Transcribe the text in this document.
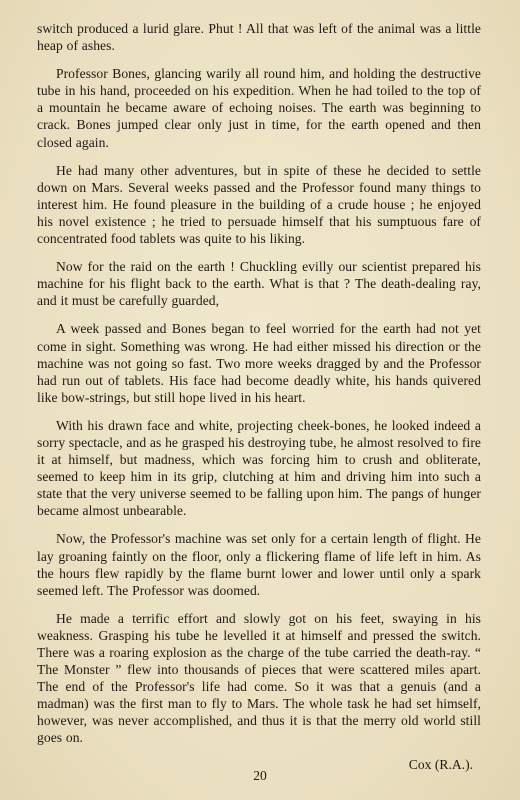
switch produced a lurid glare. Phut ! All that was left of the animal was a little heap of ashes.

Professor Bones, glancing warily all round him, and holding the destructive tube in his hand, proceeded on his expedition. When he had toiled to the top of a mountain he became aware of echoing noises. The earth was beginning to crack. Bones jumped clear only just in time, for the earth opened and then closed again.

He had many other adventures, but in spite of these he decided to settle down on Mars. Several weeks passed and the Professor found many things to interest him. He found pleasure in the building of a crude house ; he enjoyed his novel existence ; he tried to persuade himself that his sumptuous fare of concentrated food tablets was quite to his liking.

Now for the raid on the earth ! Chuckling evilly our scientist prepared his machine for his flight back to the earth. What is that ? The death-dealing ray, and it must be carefully guarded,

A week passed and Bones began to feel worried for the earth had not yet come in sight. Something was wrong. He had either missed his direction or the machine was not going so fast. Two more weeks dragged by and the Professor had run out of tablets. His face had become deadly white, his hands quivered like bow-strings, but still hope lived in his heart.

With his drawn face and white, projecting cheek-bones, he looked indeed a sorry spectacle, and as he grasped his destroying tube, he almost resolved to fire it at himself, but madness, which was forcing him to crush and obliterate, seemed to keep him in its grip, clutching at him and driving him into such a state that the very universe seemed to be falling upon him. The pangs of hunger became almost unbearable.

Now, the Professor's machine was set only for a certain length of flight. He lay groaning faintly on the floor, only a flickering flame of life left in him. As the hours flew rapidly by the flame burnt lower and lower until only a spark seemed left. The Professor was doomed.

He made a terrific effort and slowly got on his feet, swaying in his weakness. Grasping his tube he levelled it at himself and pressed the switch. There was a roaring explosion as the charge of the tube carried the death-ray. “ The Monster ” flew into thousands of pieces that were scattered miles apart. The end of the Professor's life had come. So it was that a genuis (and a madman) was the first man to fly to Mars. The whole task he had set himself, however, was never accomplished, and thus it is that the merry old world still goes on.

Cox (R.A.).
20
